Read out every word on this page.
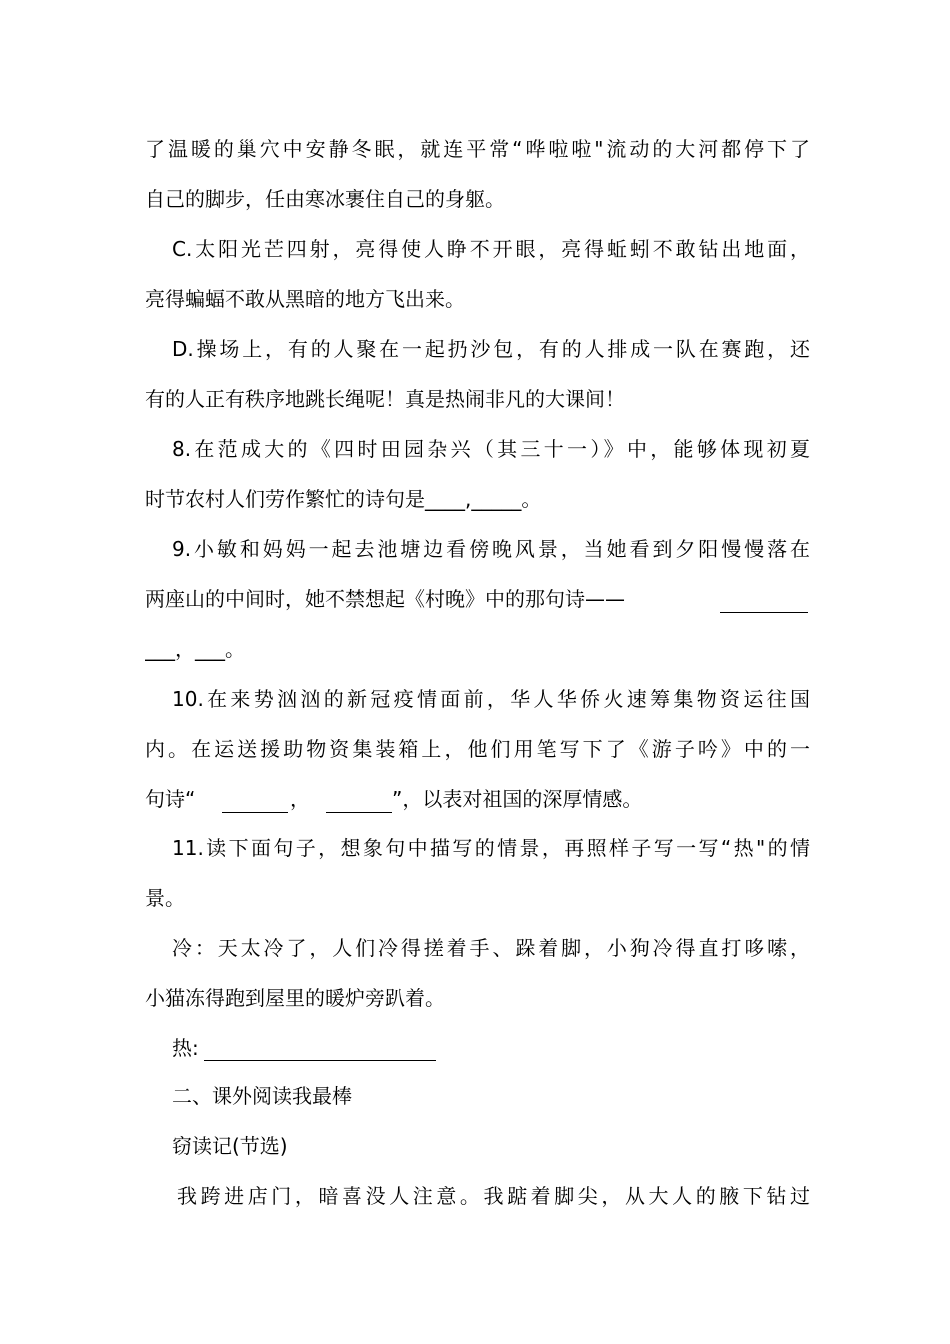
了温暖的巢穴中安静冬眠，就连平常“哗啦啦"流动的大河都停下了
自己的脚步，任由寒冰裹住自己的身躯。
C.太阳光芒四射，亮得使人睁不开眼，亮得蚯蚓不敢钻出地面，
亮得蝙蝠不敢从黑暗的地方飞出来。
D.操场上，有的人聚在一起扔沙包，有的人排成一队在赛跑，还
有的人正有秩序地跳长绳呢！真是热闹非凡的大课间！
8.在范成大的《四时田园杂兴（其三十一）》中，能够体现初夏
时节农村人们劳作繁忙的诗句是____,_____。
9.小敏和妈妈一起去池塘边看傍晚风景，当她看到夕阳慢慢落在
两座山的中间时，她不禁想起《村晚》中的那句诗——
___，___。
10.在来势汹汹的新冠疫情面前，华人华侨火速筹集物资运往国
内。在运送援助物资集装箱上，他们用笔写下了《游子吟》中的一
句诗“	，	”，以表对祖国的深厚情感。
11.读下面句子，想象句中描写的情景，再照样子写一写“热"的情
景。
冷：天太冷了，人们冷得搓着手、跺着脚，小狗冷得直打哆嗦，
小猫冻得跑到屋里的暖炉旁趴着。
热:
二、课外阅读我最棒
窃读记(节选)
我跨进店门，暗喜没人注意。我踮着脚尖，从大人的腋下钻过
